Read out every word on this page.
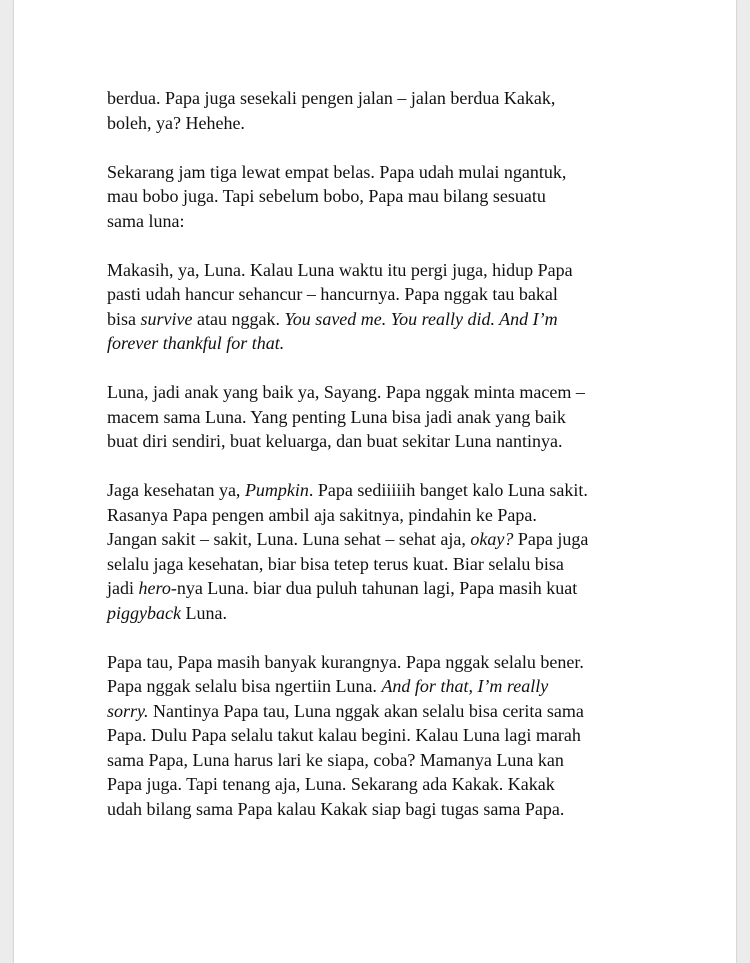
berdua. Papa juga sesekali pengen jalan – jalan berdua Kakak,
boleh, ya? Hehehe.
Sekarang jam tiga lewat empat belas. Papa udah mulai ngantuk,
mau bobo juga. Tapi sebelum bobo, Papa mau bilang sesuatu
sama luna:
Makasih, ya, Luna. Kalau Luna waktu itu pergi juga, hidup Papa
pasti udah hancur sehancur – hancurnya. Papa nggak tau bakal
bisa survive atau nggak. You saved me. You really did. And I’m
forever thankful for that.
Luna, jadi anak yang baik ya, Sayang. Papa nggak minta macem –
macem sama Luna. Yang penting Luna bisa jadi anak yang baik
buat diri sendiri, buat keluarga, dan buat sekitar Luna nantinya.
Jaga kesehatan ya, Pumpkin. Papa sediiiiih banget kalo Luna sakit.
Rasanya Papa pengen ambil aja sakitnya, pindahin ke Papa.
Jangan sakit – sakit, Luna. Luna sehat – sehat aja, okay? Papa juga
selalu jaga kesehatan, biar bisa tetep terus kuat. Biar selalu bisa
jadi hero-nya Luna. biar dua puluh tahunan lagi, Papa masih kuat
piggyback Luna.
Papa tau, Papa masih banyak kurangnya. Papa nggak selalu bener.
Papa nggak selalu bisa ngertiin Luna. And for that, I’m really
sorry. Nantinya Papa tau, Luna nggak akan selalu bisa cerita sama
Papa. Dulu Papa selalu takut kalau begini. Kalau Luna lagi marah
sama Papa, Luna harus lari ke siapa, coba? Mamanya Luna kan
Papa juga. Tapi tenang aja, Luna. Sekarang ada Kakak. Kakak
udah bilang sama Papa kalau Kakak siap bagi tugas sama Papa.
